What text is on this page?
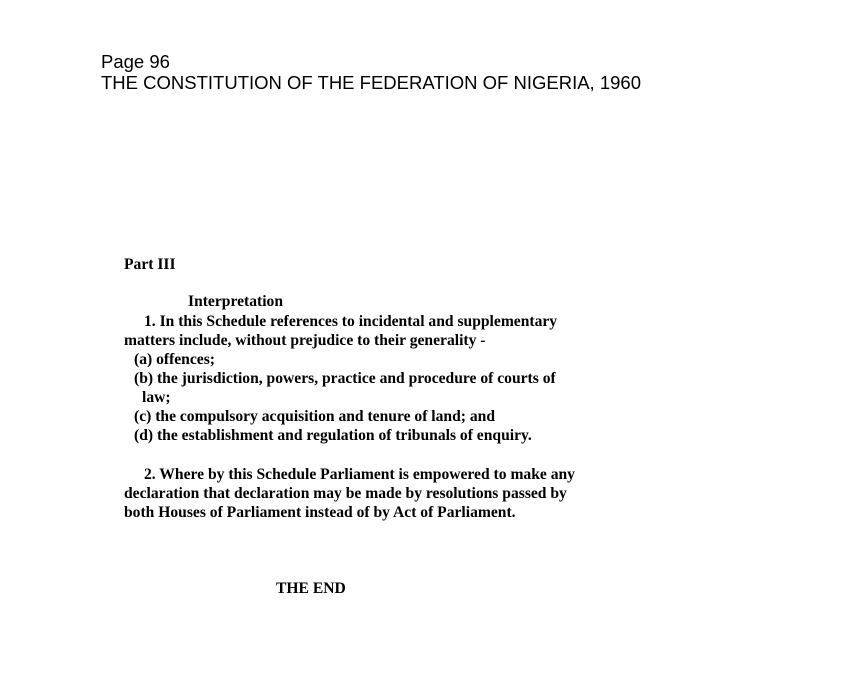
Page 96
THE CONSTITUTION OF THE FEDERATION OF NIGERIA, 1960
Part III
Interpretation
1. In this Schedule references to incidental and supplementary
matters include, without prejudice to their generality -
(a) offences;
(b) the jurisdiction, powers, practice and procedure of courts of
law;
(c) the compulsory acquisition and tenure of land; and
(d) the establishment and regulation of tribunals of enquiry.
2. Where by this Schedule Parliament is empowered to make any
declaration that declaration may be made by resolutions passed by
both Houses of Parliament instead of by Act of Parliament.
THE END
